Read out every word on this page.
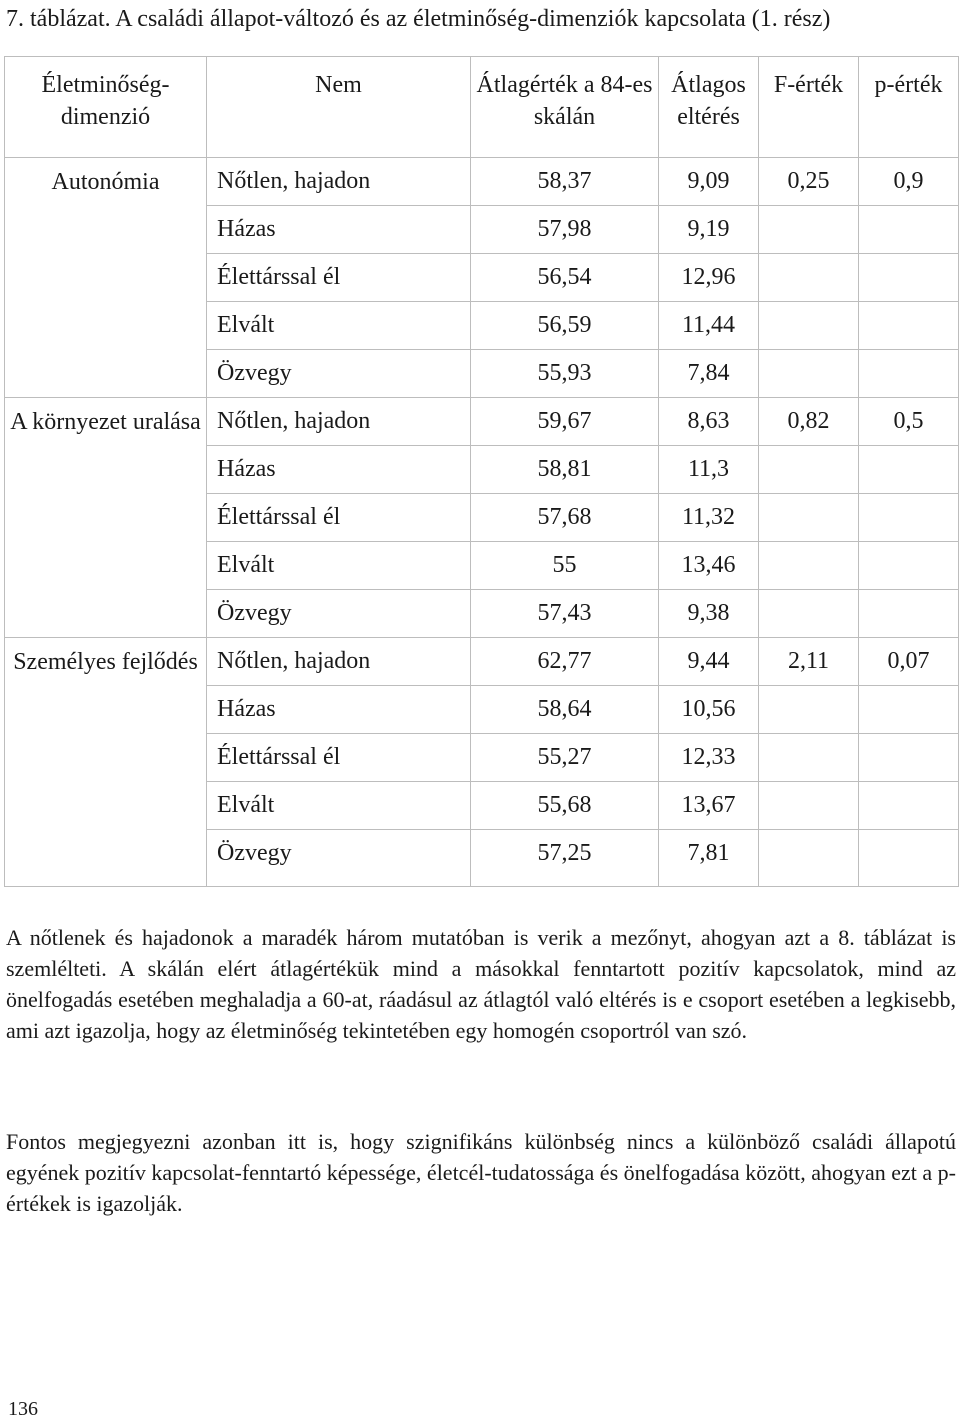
7. táblázat. A családi állapot-változó és az életminőség-dimenziók kapcsolata (1. rész)
Életminőség-dimenzió	Nem	Átlagérték a 84-es skálán	Átlagos eltérés	F-érték	p-érték
Autonómia	Nőtlen, hajadon	58,37	9,09	0,25	0,9
	Házas	57,98	9,19		
	Élettárssal él	56,54	12,96		
	Elvált	56,59	11,44		
	Özvegy	55,93	7,84		
A környezet uralása	Nőtlen, hajadon	59,67	8,63	0,82	0,5
	Házas	58,81	11,3		
	Élettárssal él	57,68	11,32		
	Elvált	55	13,46		
	Özvegy	57,43	9,38		
Személyes fejlődés	Nőtlen, hajadon	62,77	9,44	2,11	0,07
	Házas	58,64	10,56		
	Élettárssal él	55,27	12,33		
	Elvált	55,68	13,67		
	Özvegy	57,25	7,81		

A nőtlenek és hajadonok a maradék három mutatóban is verik a mezőnyt, ahogyan azt a 8. táblázat is szemlélteti. A skálán elért átlagértékük mind a másokkal fenntartott pozitív kapcsolatok, mind az önelfogadás esetében meghaladja a 60-at, ráadásul az átlagtól való eltérés is e csoport esetében a legkisebb, ami azt igazolja, hogy az életminőség tekintetében egy homogén csoportról van szó.

Fontos megjegyezni azonban itt is, hogy szignifikáns különbség nincs a különböző családi állapotú egyének pozitív kapcsolat-fenntartó képessége, életcél-tudatossága és önelfogadása között, ahogyan ezt a p-értékek is igazolják.

136
